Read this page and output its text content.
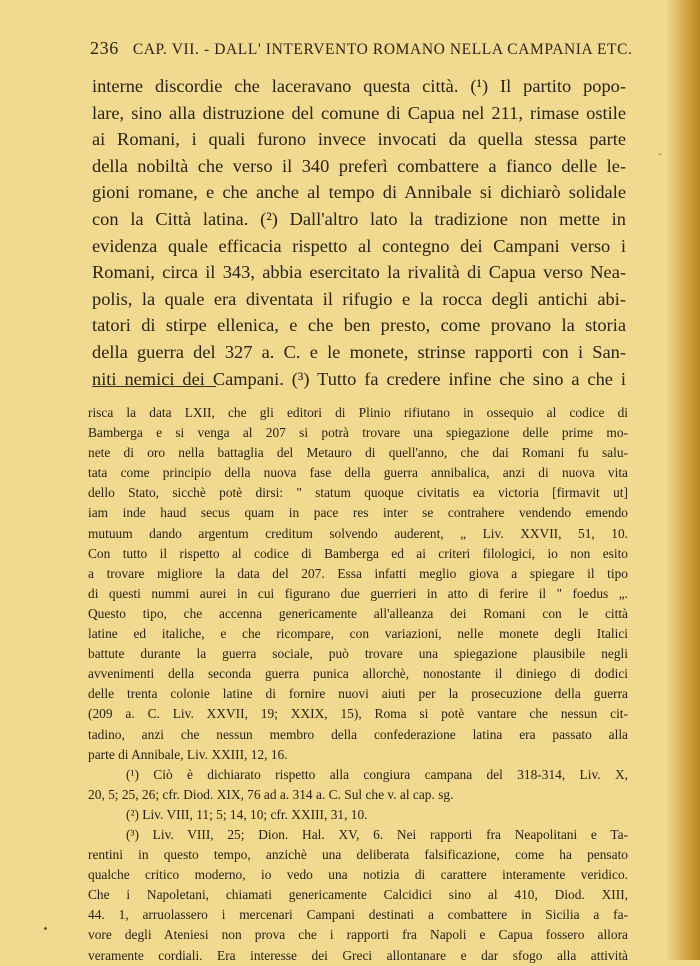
ˇ
236 CAP. VII. - DALL' INTERVENTO ROMANO NELLA CAMPANIA ETC.
interne discordie che laceravano questa città. (¹) Il partito popo-
lare, sino alla distruzione del comune di Capua nel 211, rimase ostile
ai Romani, i quali furono invece invocati da quella stessa parte
della nobiltà che verso il 340 preferì combattere a fianco delle le-
gioni romane, e che anche al tempo di Annibale si dichiarò solidale
con la Città latina. (²) Dall'altro lato la tradizione non mette in
evidenza quale efficacia rispetto al contegno dei Campani verso i
Romani, circa il 343, abbia esercitato la rivalità di Capua verso Nea-
polis, la quale era diventata il rifugio e la rocca degli antichi abi-
tatori di stirpe ellenica, e che ben presto, come provano la storia
della guerra del 327 a. C. e le monete, strinse rapporti con i San-
niti nemici dei Campani. (³) Tutto fa credere infine che sino a che i
risca la data LXII, che gli editori di Plinio rifiutano in ossequio al codice di
Bamberga e si venga al 207 si potrà trovare una spiegazione delle prime mo-
nete di oro nella battaglia del Metauro di quell'anno, che dai Romani fu salu-
tata come principio della nuova fase della guerra annibalica, anzi di nuova vita
dello Stato, sicchè potè dirsi: " statum quoque civitatis ea victoria [firmavit ut]
iam inde haud secus quam in pace res inter se contrahere vendendo emendo
mutuum dando argentum creditum solvendo auderent, „ Liv. XXVII, 51, 10.
Con tutto il rispetto al codice di Bamberga ed ai criteri filologici, io non esito
a trovare migliore la data del 207. Essa infatti meglio giova a spiegare il tipo
di questi nummi aurei in cui figurano due guerrieri in atto di ferire il " foedus „.
Questo tipo, che accenna genericamente all'alleanza dei Romani con le città
latine ed italiche, e che ricompare, con variazioni, nelle monete degli Italici
battute durante la guerra sociale, può trovare una spiegazione plausibile negli
avvenimenti della seconda guerra punica allorchè, nonostante il diniego di dodici
delle trenta colonie latine di fornire nuovi aiuti per la prosecuzione della guerra
(209 a. C. Liv. XXVII, 19; XXIX, 15), Roma si potè vantare che nessun cit-
tadino, anzi che nessun membro della confederazione latina era passato alla
parte di Annibale, Liv. XXIII, 12, 16.
(¹) Ciò è dichiarato rispetto alla congiura campana del 318-314, Liv. X,
20, 5; 25, 26; cfr. Diod. XIX, 76 ad a. 314 a. C. Sul che v. al cap. sg.
(²) Liv. VIII, 11; 5; 14, 10; cfr. XXIII, 31, 10.
(³) Liv. VIII, 25; Dion. Hal. XV, 6. Nei rapporti fra Neapolitani e Ta-
rentini in questo tempo, anzichè una deliberata falsificazione, come ha pensato
qualche critico moderno, io vedo una notizia di carattere interamente veridico.
Che i Napoletani, chiamati genericamente Calcidici sino al 410, Diod. XIII,
44. 1, arruolassero i mercenari Campani destinati a combattere in Sicilia a fa-
vore degli Ateniesi non prova che i rapporti fra Napoli e Capua fossero allora
veramente cordiali. Era interesse dei Greci allontanare e dar sfogo alla attività
